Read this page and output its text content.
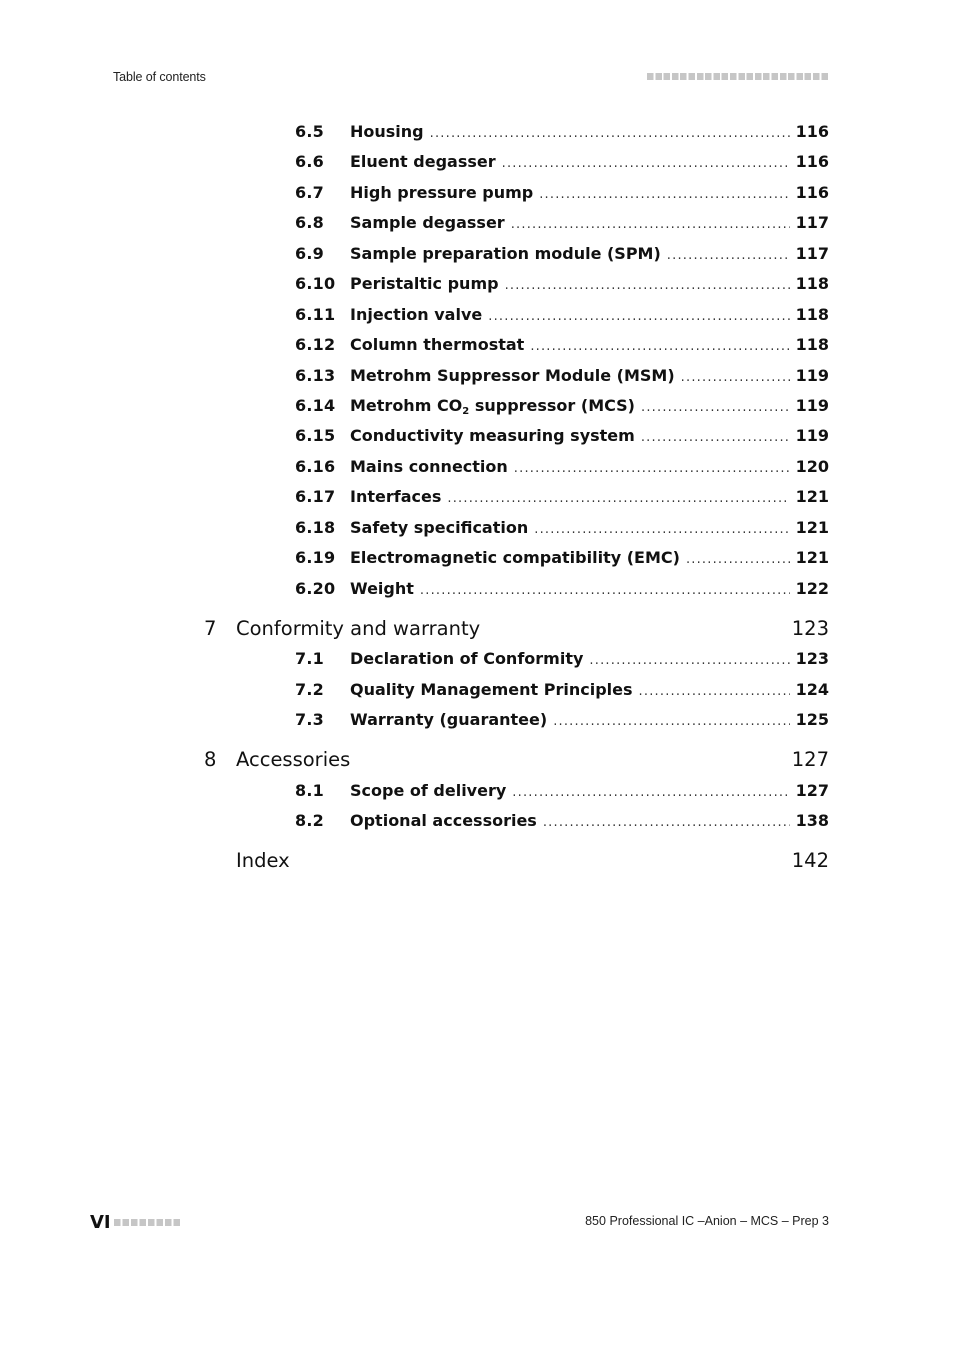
Table of contents
6.5 Housing .....	116
6.6 Eluent degasser .....	116
6.7 High pressure pump .....	116
6.8 Sample degasser .....	117
6.9 Sample preparation module (SPM) .....	117
6.10 Peristaltic pump .....	118
6.11 Injection valve .....	118
6.12 Column thermostat .....	118
6.13 Metrohm Suppressor Module (MSM) .....	119
6.14 Metrohm $CO_2$ suppressor (MCS) .....	119
6.15 Conductivity measuring system .....	119
6.16 Mains connection .....	120
6.17 Interfaces .....	121
6.18 Safety specification .....	121
6.19 Electromagnetic compatibility (EMC) .....	121
6.20 Weight .....	122
7 Conformity and warranty	123
7.1 Declaration of Conformity .....	123
7.2 Quality Management Principles .....	124
7.3 Warranty (guarantee) .....	125
8 Accessories	127
8.1 Scope of delivery .....	127
8.2 Optional accessories .....	138
Index	142
VI	850 Professional IC –Anion – MCS – Prep 3
